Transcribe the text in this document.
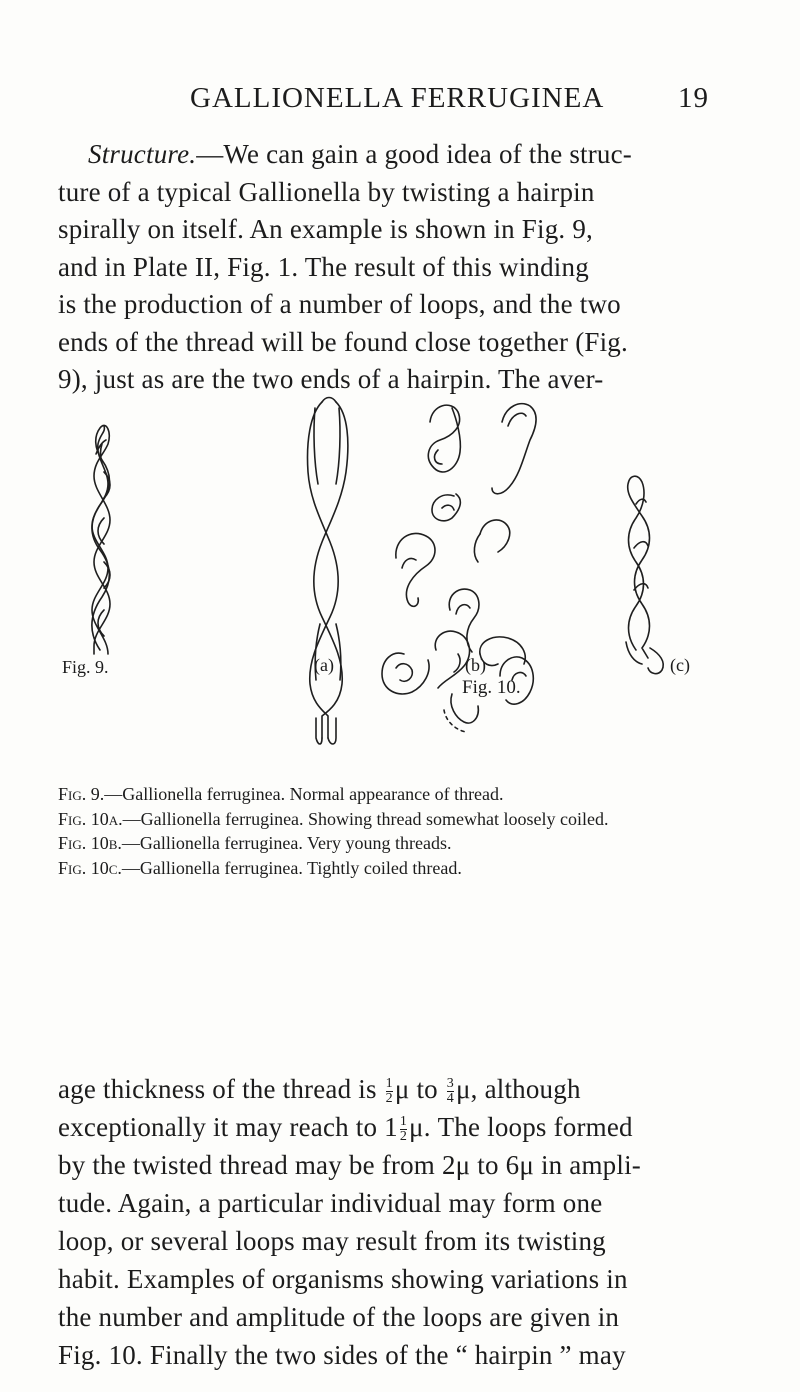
GALLIONELLA FERRUGINEA	19

Structure.—We can gain a good idea of the struc-

ture of a typical Gallionella by twisting a hairpin

spirally on itself. An example is shown in Fig. 9,

and in Plate II, Fig. 1. The result of this winding

is the production of a number of loops, and the two

ends of the thread will be found close together (Fig.

9), just as are the two ends of a hairpin. The aver-

Fig. 9.	(a)	(b)	(c)
Fig. 10.
Fig. 9.—Gallionella ferruginea. Normal appearance of thread.
Fig. 10a.—Gallionella ferruginea. Showing thread somewhat loosely coiled.
Fig. 10b.—Gallionella ferruginea. Very young threads.
Fig. 10c.—Gallionella ferruginea. Tightly coiled thread.

age thickness of the thread is $\frac{1}{2}$ μ to $\frac{3}{4} \mu$, although

exceptionally it may reach to $1 \frac{1}{2} \mu$. The loops formed

by the twisted thread may be from 2μ to 6μ in ampli-

tude. Again, a particular individual may form one

loop, or several loops may result from its twisting

habit. Examples of organisms showing variations in

the number and amplitude of the loops are given in

Fig. 10. Finally the two sides of the “ hairpin ” may
